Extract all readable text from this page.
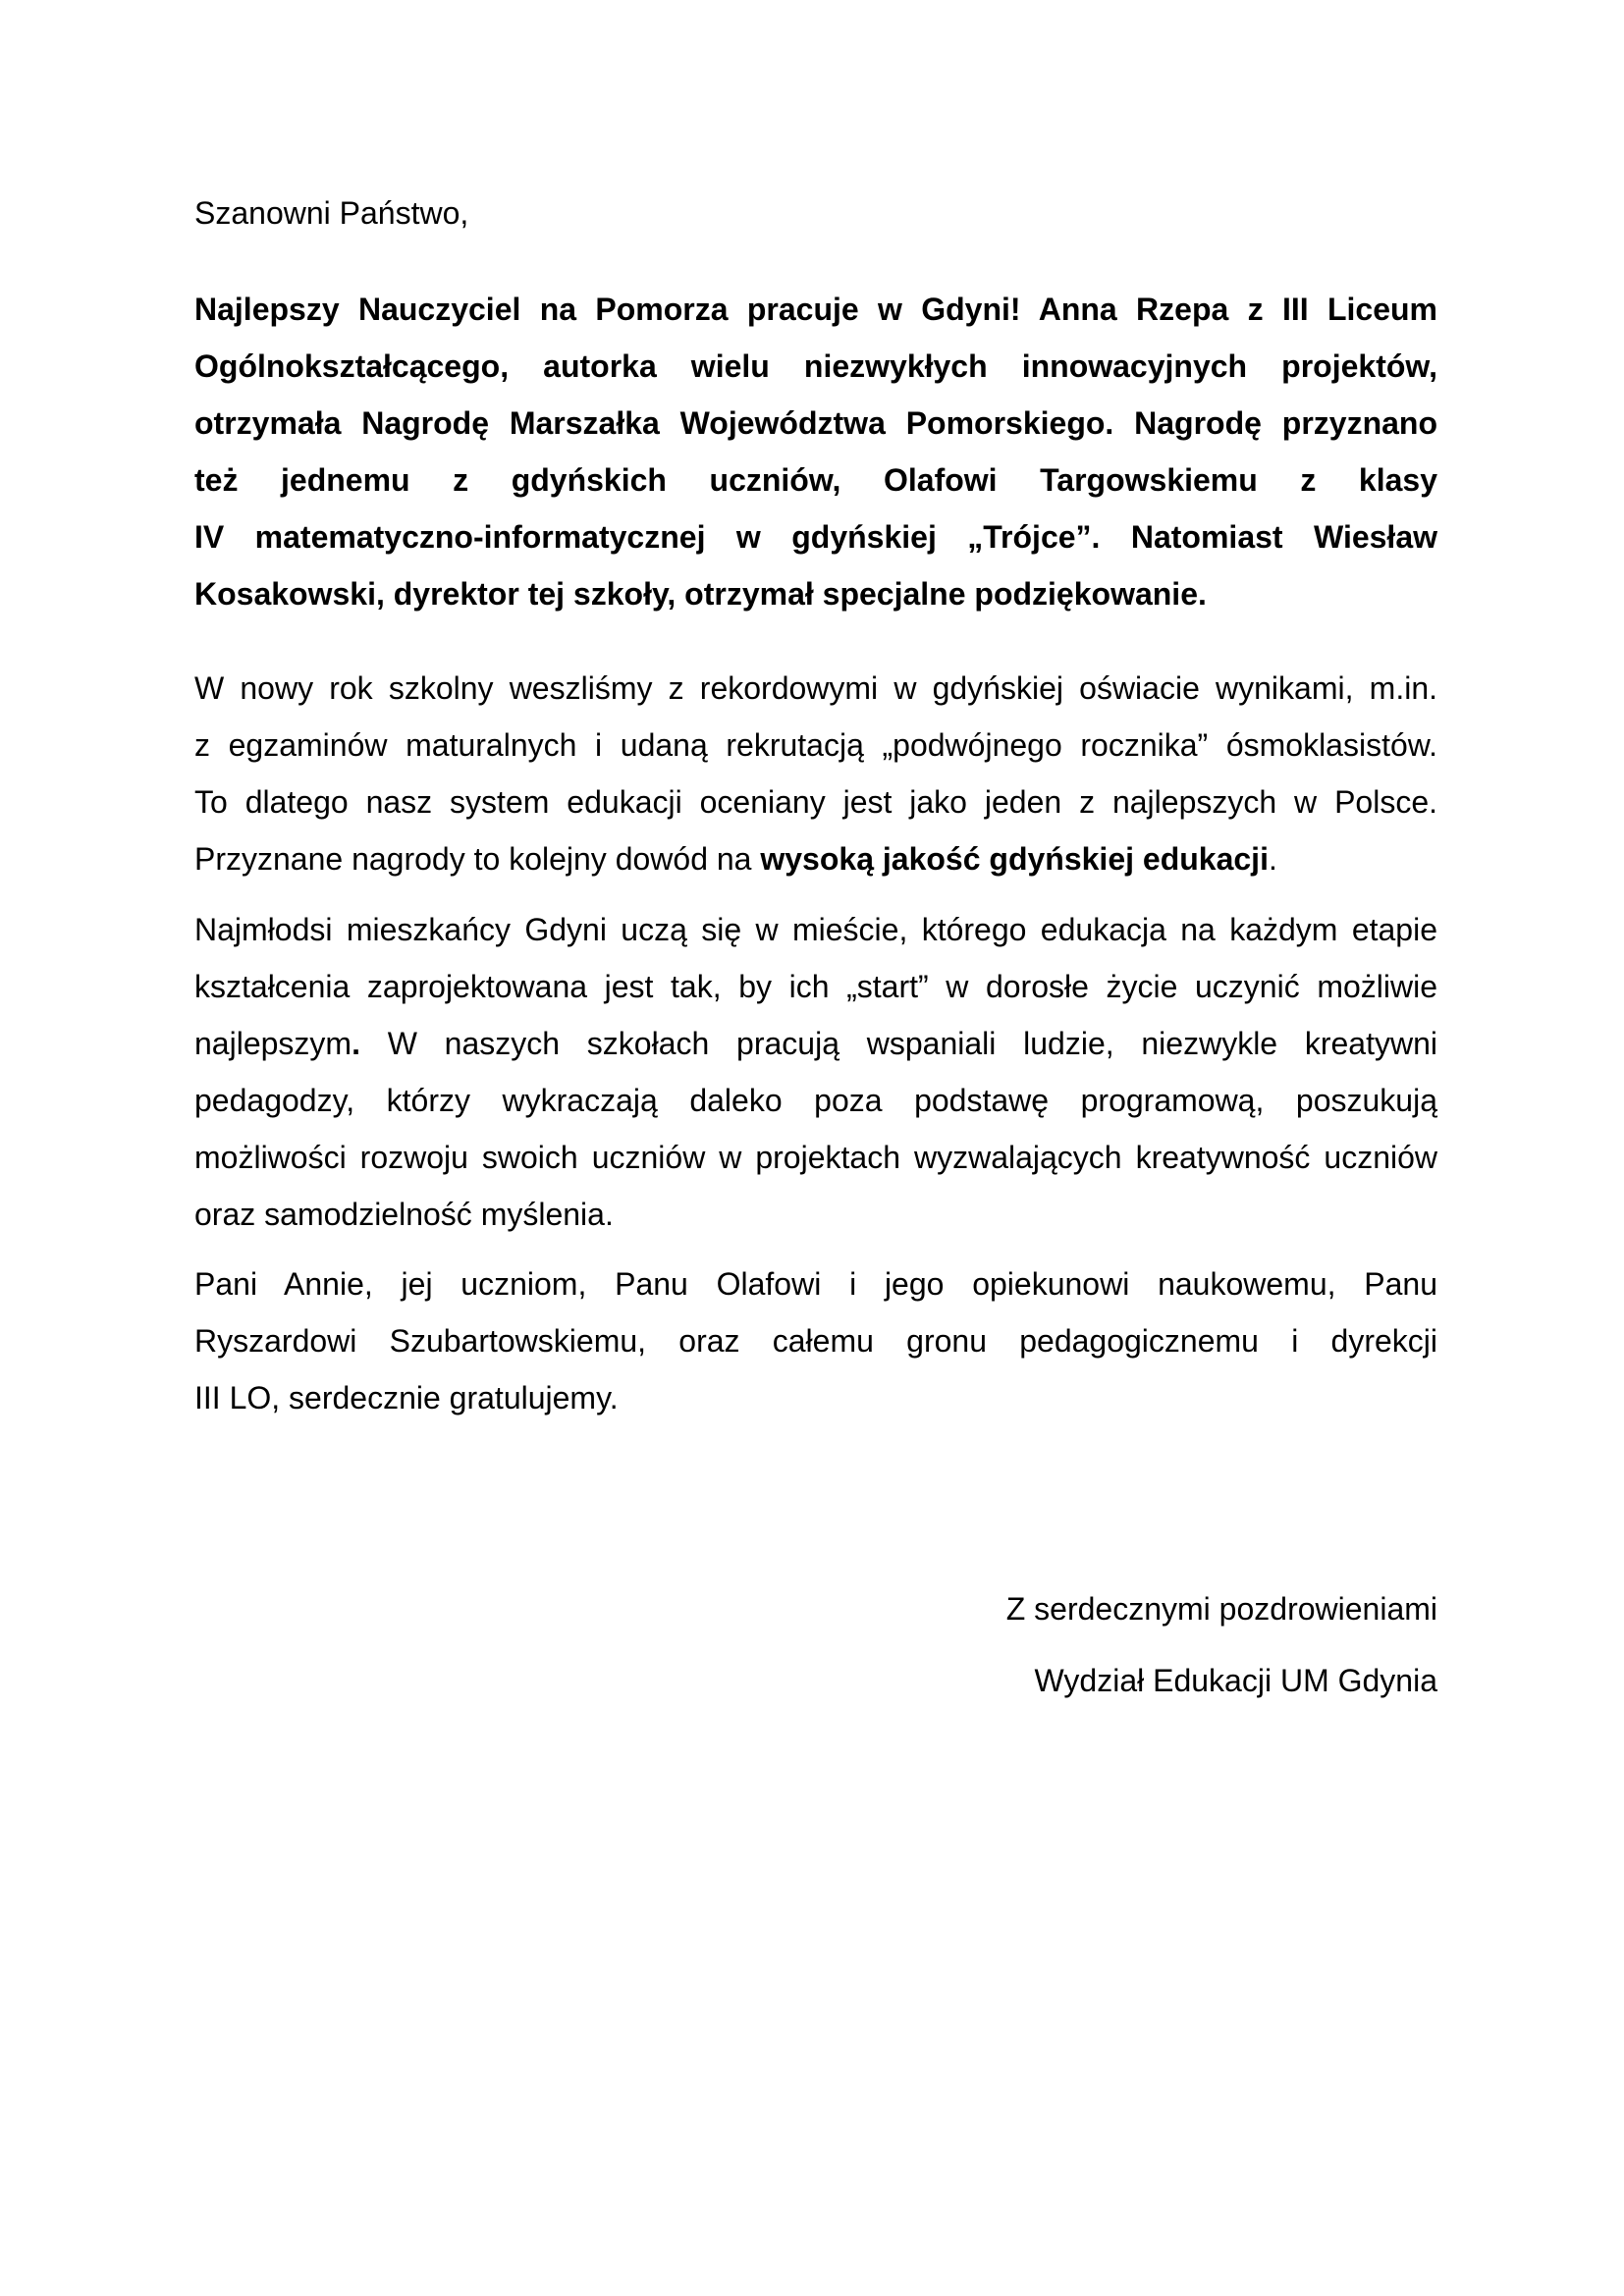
Szanowni Państwo,

Najlepszy Nauczyciel na Pomorza pracuje w Gdyni! Anna Rzepa z III Liceum
Ogólnokształcącego, autorka wielu niezwykłych innowacyjnych projektów,
otrzymała Nagrodę Marszałka Województwa Pomorskiego. Nagrodę przyznano
też jednemu z gdyńskich uczniów, Olafowi Targowskiemu z klasy
IV matematyczno-informatycznej w gdyńskiej „Trójce”. Natomiast Wiesław
Kosakowski, dyrektor tej szkoły, otrzymał specjalne podziękowanie.

W nowy rok szkolny weszliśmy z rekordowymi w gdyńskiej oświacie wynikami, m.in.
z egzaminów maturalnych i udaną rekrutacją „podwójnego rocznika” ósmoklasistów.
To dlatego nasz system edukacji oceniany jest jako jeden z najlepszych w Polsce.
Przyznane nagrody to kolejny dowód na wysoką jakość gdyńskiej edukacji.

Najmłodsi mieszkańcy Gdyni uczą się w mieście, którego edukacja na każdym etapie
kształcenia zaprojektowana jest tak, by ich „start” w dorosłe życie uczynić możliwie
najlepszym. W naszych szkołach pracują wspaniali ludzie, niezwykle kreatywni
pedagodzy, którzy wykraczają daleko poza podstawę programową, poszukują
możliwości rozwoju swoich uczniów w projektach wyzwalających kreatywność uczniów
oraz samodzielność myślenia.

Pani Annie, jej uczniom, Panu Olafowi i jego opiekunowi naukowemu, Panu
Ryszardowi Szubartowskiemu, oraz całemu gronu pedagogicznemu i dyrekcji
III LO, serdecznie gratulujemy.

Z serdecznymi pozdrowieniami

Wydział Edukacji UM Gdynia
